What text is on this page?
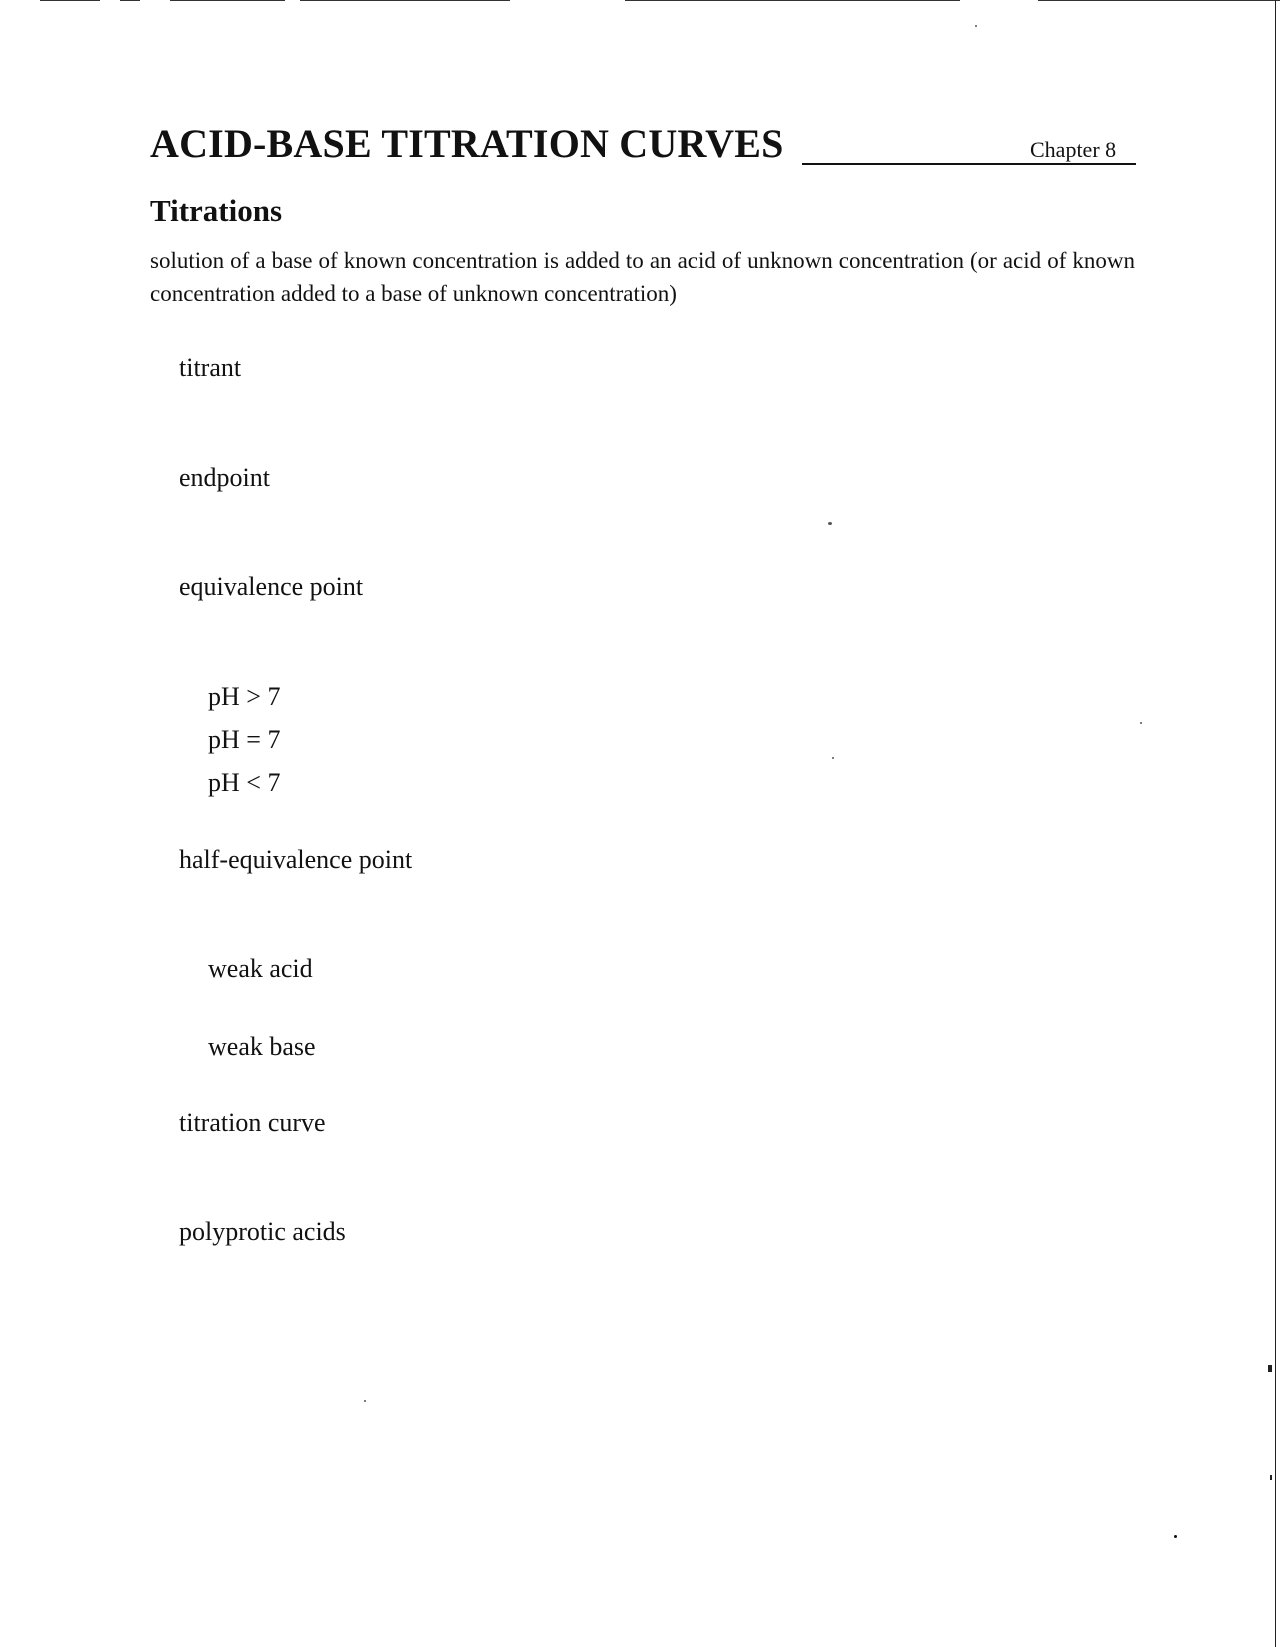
ACID-BASE TITRATION CURVES	Chapter 8
Titrations

solution of a base of known concentration is added to an acid of unknown concentration (or acid of known concentration added to a base of unknown concentration)

titrant

endpoint

equivalence point

pH > 7

pH = 7

pH < 7

half-equivalence point

weak acid

weak base

titration curve

polyprotic acids
